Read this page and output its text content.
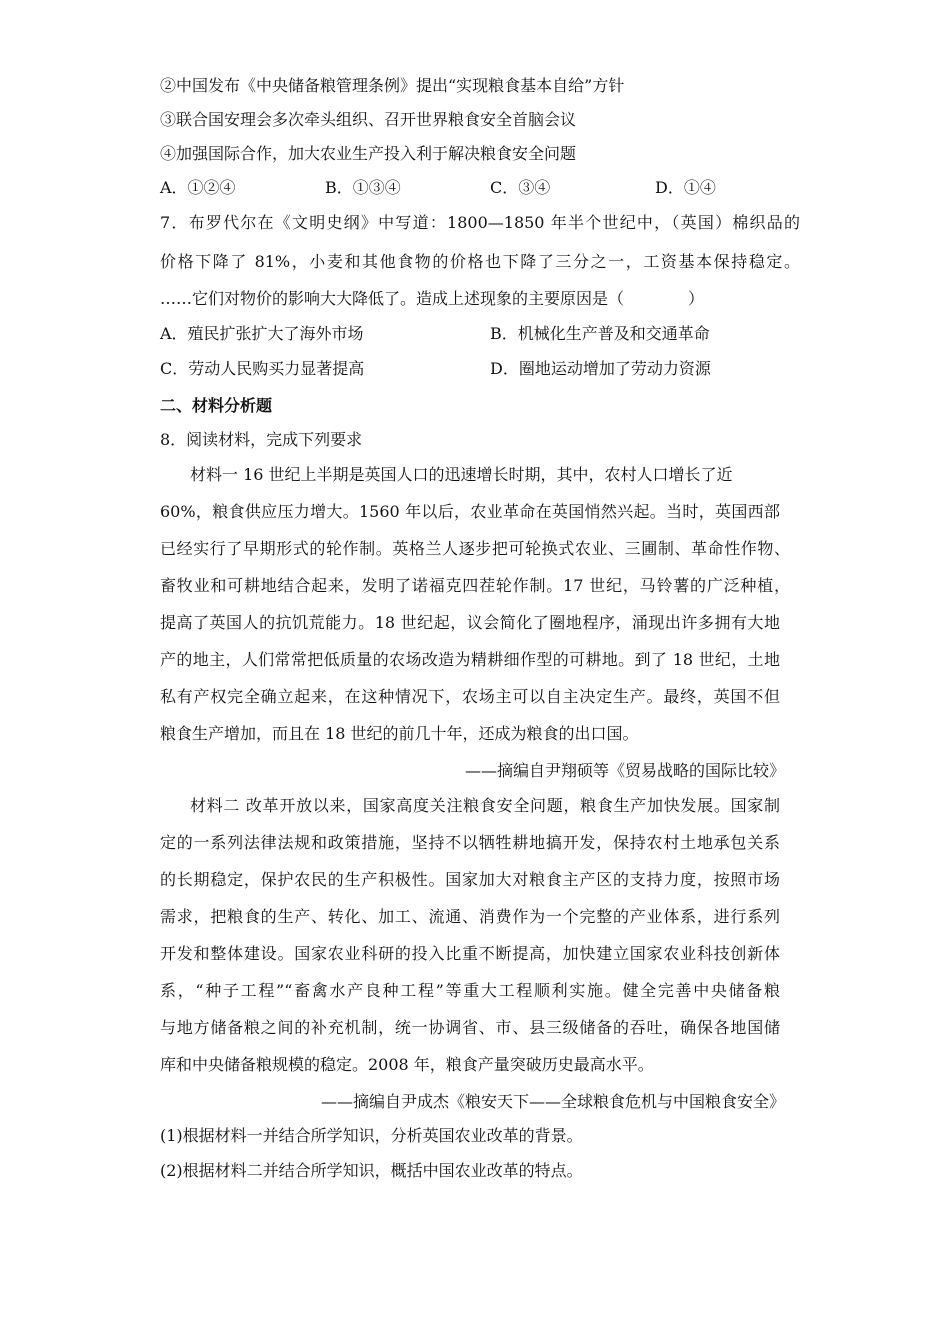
②中国发布《中央储备粮管理条例》提出“实现粮食基本自给”方针
③联合国安理会多次牵头组织、召开世界粮食安全首脑会议
④加强国际合作，加大农业生产投入利于解决粮食安全问题
A．①②④	B．①③④	C．③④	D．①④
7．布罗代尔在《文明史纲》中写道：1800—1850 年半个世纪中，（英国）棉织品的
价格下降了 81%，小麦和其他食物的价格也下降了三分之一，工资基本保持稳定。
……它们对物价的影响大大降低了。造成上述现象的主要原因是（　　　　）
A．殖民扩张扩大了海外市场	B．机械化生产普及和交通革命
C．劳动人民购买力显著提高	D．圈地运动增加了劳动力资源
二、材料分析题
8．阅读材料，完成下列要求
材料一 16 世纪上半期是英国人口的迅速增长时期，其中，农村人口增长了近
60%，粮食供应压力增大。1560 年以后，农业革命在英国悄然兴起。当时，英国西部
已经实行了早期形式的轮作制。英格兰人逐步把可轮换式农业、三圃制、革命性作物、
畜牧业和可耕地结合起来，发明了诺福克四茬轮作制。17 世纪，马铃薯的广泛种植，
提高了英国人的抗饥荒能力。18 世纪起，议会简化了圈地程序，涌现出许多拥有大地
产的地主，人们常常把低质量的农场改造为精耕细作型的可耕地。到了 18 世纪，土地
私有产权完全确立起来，在这种情况下，农场主可以自主决定生产。最终，英国不但
粮食生产增加，而且在 18 世纪的前几十年，还成为粮食的出口国。
——摘编自尹翔硕等《贸易战略的国际比较》
材料二 改革开放以来，国家高度关注粮食安全问题，粮食生产加快发展。国家制
定的一系列法律法规和政策措施，坚持不以牺牲耕地搞开发，保持农村土地承包关系
的长期稳定，保护农民的生产积极性。国家加大对粮食主产区的支持力度，按照市场
需求，把粮食的生产、转化、加工、流通、消费作为一个完整的产业体系，进行系列
开发和整体建设。国家农业科研的投入比重不断提高，加快建立国家农业科技创新体
系，“种子工程”“畜禽水产良种工程”等重大工程顺利实施。健全完善中央储备粮
与地方储备粮之间的补充机制，统一协调省、市、县三级储备的吞吐，确保各地国储
库和中央储备粮规模的稳定。2008 年，粮食产量突破历史最高水平。
——摘编自尹成杰《粮安天下——全球粮食危机与中国粮食安全》
(1)根据材料一并结合所学知识，分析英国农业改革的背景。
(2)根据材料二并结合所学知识，概括中国农业改革的特点。
